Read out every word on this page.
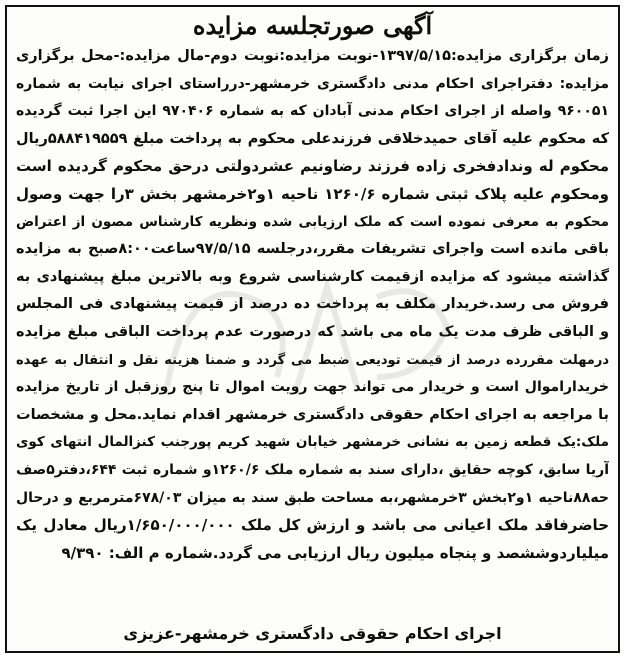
آگهی صورتجلسه مزایده
زمان برگزاری مزایده:۱۳۹۷/۵/۱۵-نوبت مزایده:نوبت دوم-مال مزایده:-محل برگزاری
مزایده: دفتراجرای احکام مدنی دادگستری خرمشهر-درراستای اجرای نیابت به شماره
۹۶۰۰۵۱ واصله از اجرای احکام مدنی آبادان که به شماره ۹۷۰۴۰۶ این اجرا ثبت گردیده
که محکوم علیه آقای حمیدخلاقی فرزندعلی محکوم به پرداخت مبلغ ۵۸۸۴۱۹۵۵۹ریال
محکوم له وندادفخری زاده فرزند رضاونیم عشردولتی درحق محکوم گردیده است
ومحکوم علیه پلاک ثبتی شماره ۱۲۶۰/۶ ناحیه ۱و۲خرمشهر بخش ۳را جهت وصول
محکوم به معرفی نموده است که ملک ارزیابی شده ونظریه کارشناس مصون از اعتراض
باقی مانده است واجرای تشریفات مقرر،درجلسه ۹۷/۵/۱۵ساعت۸:۰۰صبح به مزایده
گذاشته میشود که مزایده ازقیمت کارشناسی شروع وبه بالاترین مبلغ پیشنهادی به
فروش می رسد.خریدار مکلف به پرداخت ده درصد از قیمت پیشنهادی فی المجلس
و الباقی ظرف مدت یک ماه می باشد که درصورت عدم پرداخت الباقی مبلغ مزایده
درمهلت مقررده درصد از قیمت تودیعی ضبط می گردد و ضمنا هزینه نقل و انتقال به عهده
خریداراموال است و خریدار می تواند جهت رویت اموال تا پنج روزقبل از تاریخ مزایده
با مراجعه به اجرای احکام حقوقی دادگستری خرمشهر اقدام نماید.محل و مشخصات
ملک:یک قطعه زمین به نشانی خرمشهر خیابان شهید کریم پورجنب کنزالمال انتهای کوی
آریا سابق، کوچه حقایق ،دارای سند به شماره ملک ۱۲۶۰/۶و شماره ثبت ۶۴۴،دفتر۵صف
حه۸۸ناحیه ۱و۲بخش ۳خرمشهر،به مساحت طبق سند به میزان ۶۷۸/۰۳مترمربع و درحال
حاضرفاقد ملک اعیانی می باشد و ارزش کل ملک ۱/۶۵۰/۰۰۰/۰۰۰ریال معادل یک
میلیاردوششصد و پنجاه میلیون ریال ارزیابی می گردد.شماره م الف: ۹/۳۹۰
اجرای احکام حقوقی دادگستری خرمشهر-عزیزی
